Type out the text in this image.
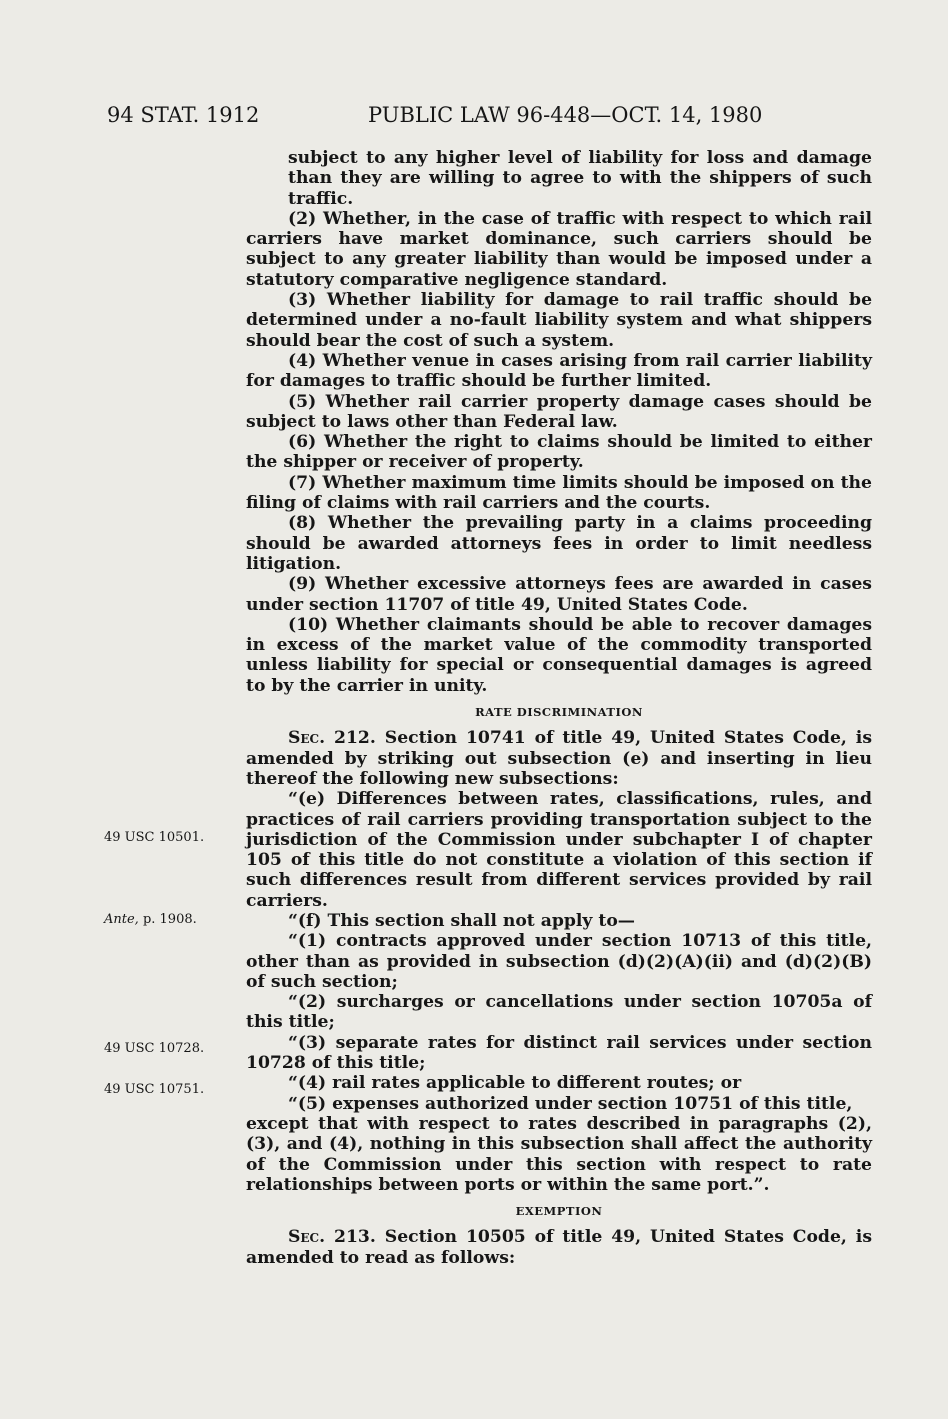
94 STAT. 1912	PUBLIC LAW 96-448—OCT. 14, 1980
49 USC 10501.
Ante, p. 1908.
49 USC 10728.
49 USC 10751.

subject to any higher level of liability for loss and damage than they are willing to agree to with the shippers of such traffic.

(2) Whether, in the case of traffic with respect to which rail carriers have market dominance, such carriers should be subject to any greater liability than would be imposed under a statutory comparative negligence standard.

(3) Whether liability for damage to rail traffic should be determined under a no-fault liability system and what shippers should bear the cost of such a system.

(4) Whether venue in cases arising from rail carrier liability for damages to traffic should be further limited.

(5) Whether rail carrier property damage cases should be subject to laws other than Federal law.

(6) Whether the right to claims should be limited to either the shipper or receiver of property.

(7) Whether maximum time limits should be imposed on the filing of claims with rail carriers and the courts.

(8) Whether the prevailing party in a claims proceeding should be awarded attorneys fees in order to limit needless litigation.

(9) Whether excessive attorneys fees are awarded in cases under section 11707 of title 49, United States Code.

(10) Whether claimants should be able to recover damages in excess of the market value of the commodity transported unless liability for special or consequential damages is agreed to by the carrier in unity.

RATE DISCRIMINATION

Sec. 212. Section 10741 of title 49, United States Code, is amended by striking out subsection (e) and inserting in lieu thereof the following new subsections:

“(e) Differences between rates, classifications, rules, and practices of rail carriers providing transportation subject to the jurisdiction of the Commission under subchapter I of chapter 105 of this title do not constitute a violation of this section if such differences result from different services provided by rail carriers.

“(f) This section shall not apply to—

“(1) contracts approved under section 10713 of this title, other than as provided in subsection (d)(2)(A)(ii) and (d)(2)(B) of such section;

“(2) surcharges or cancellations under section 10705a of this title;

“(3) separate rates for distinct rail services under section 10728 of this title;

“(4) rail rates applicable to different routes; or

“(5) expenses authorized under section 10751 of this title,

except that with respect to rates described in paragraphs (2), (3), and (4), nothing in this subsection shall affect the authority of the Commission under this section with respect to rate relationships between ports or within the same port.”.

EXEMPTION

Sec. 213. Section 10505 of title 49, United States Code, is amended to read as follows:
